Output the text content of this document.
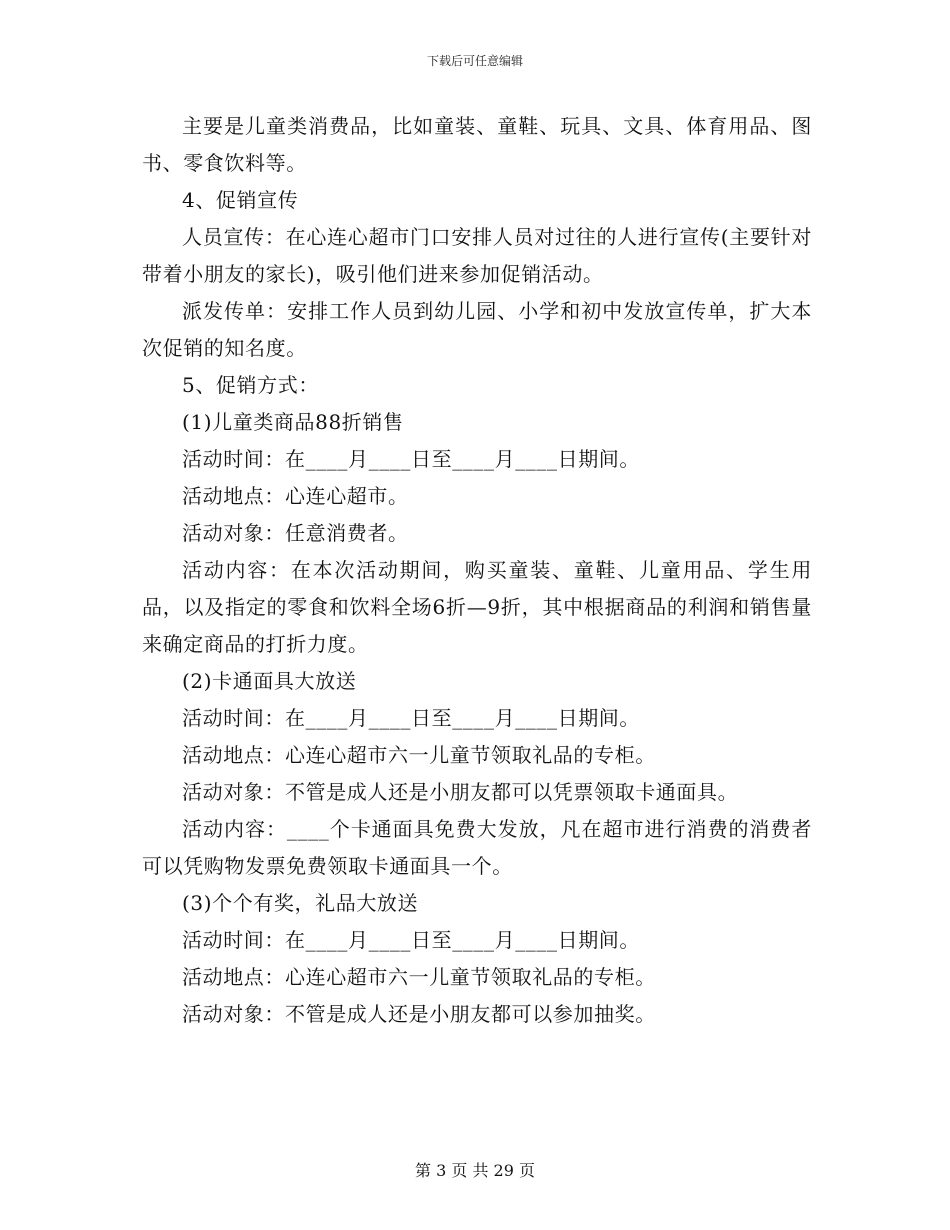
下载后可任意编辑

主要是儿童类消费品，比如童装、童鞋、玩具、文具、体育用品、图书、零食饮料等。

4、促销宣传

人员宣传：在心连心超市门口安排人员对过往的人进行宣传(主要针对带着小朋友的家长)，吸引他们进来参加促销活动。

派发传单：安排工作人员到幼儿园、小学和初中发放宣传单，扩大本次促销的知名度。

5、促销方式：

(1)儿童类商品88折销售

活动时间：在____月____日至____月____日期间。

活动地点：心连心超市。

活动对象：任意消费者。

活动内容：在本次活动期间，购买童装、童鞋、儿童用品、学生用品，以及指定的零食和饮料全场6折—9折，其中根据商品的利润和销售量来确定商品的打折力度。

(2)卡通面具大放送

活动时间：在____月____日至____月____日期间。

活动地点：心连心超市六一儿童节领取礼品的专柜。

活动对象：不管是成人还是小朋友都可以凭票领取卡通面具。

活动内容：____个卡通面具免费大发放，凡在超市进行消费的消费者可以凭购物发票免费领取卡通面具一个。

(3)个个有奖，礼品大放送

活动时间：在____月____日至____月____日期间。

活动地点：心连心超市六一儿童节领取礼品的专柜。

活动对象：不管是成人还是小朋友都可以参加抽奖。

第 3 页 共 29 页
